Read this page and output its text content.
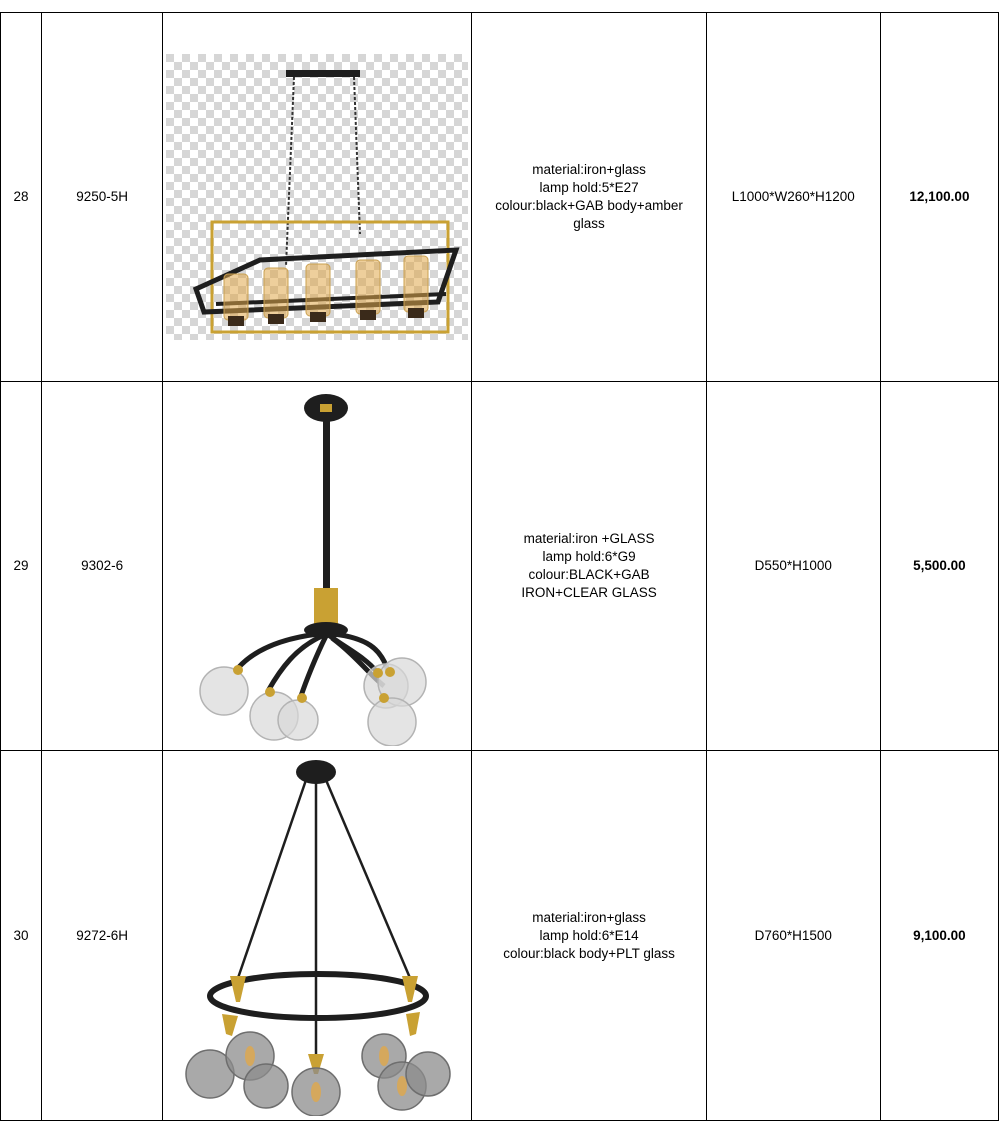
28	9250-5H		material:iron+glass
lamp hold:5*E27
colour:black+GAB body+amber glass	L1000*W260*H1200	12,100.00
29	9302-6		material:iron +GLASS
lamp hold:6*G9
colour:BLACK+GAB
IRON+CLEAR GLASS	D550*H1000	5,500.00
30	9272-6H		material:iron+glass
lamp hold:6*E14
colour:black body+PLT glass	D760*H1500	9,100.00
